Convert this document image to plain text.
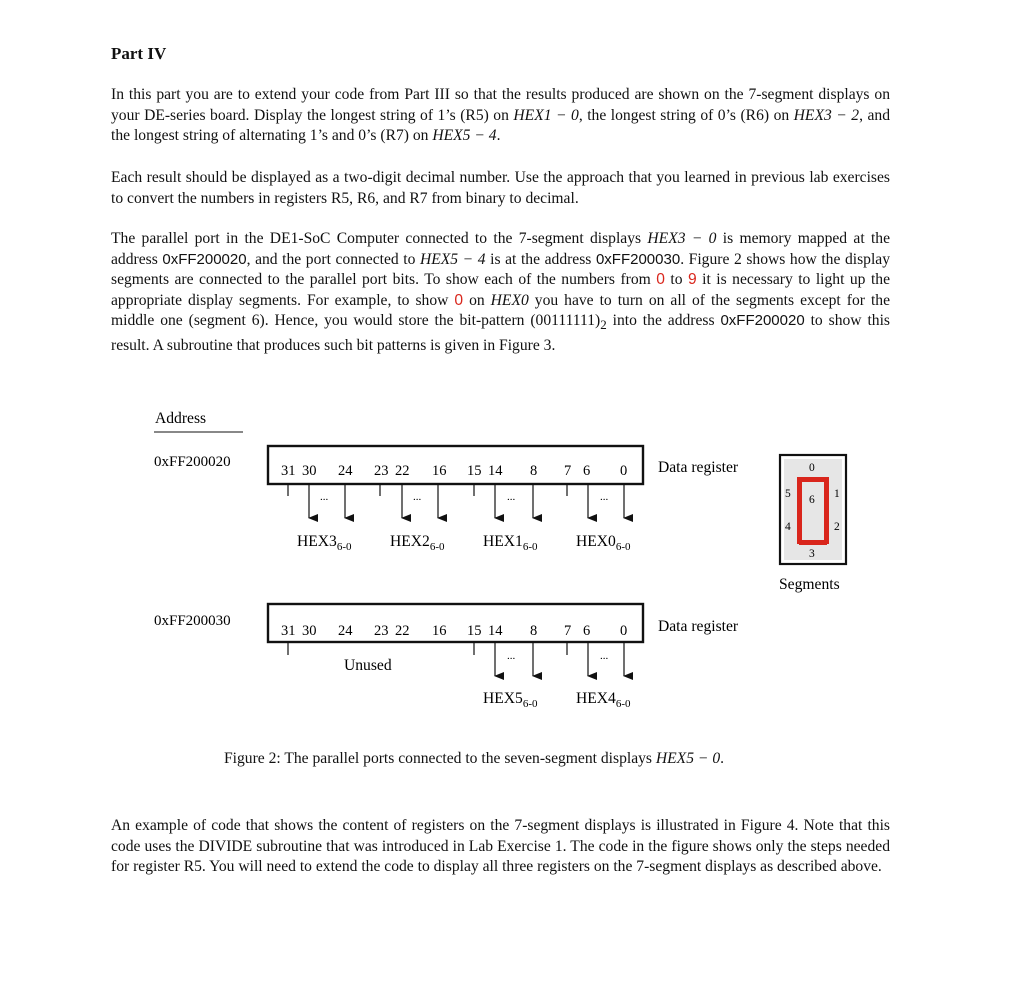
Part IV
In this part you are to extend your code from Part III so that the results produced are shown on the 7-segment displays on your DE-series board. Display the longest string of 1’s (R5) on HEX1 − 0, the longest string of 0’s (R6) on HEX3 − 2, and the longest string of alternating 1’s and 0’s (R7) on HEX5 − 4.
Each result should be displayed as a two-digit decimal number. Use the approach that you learned in previous lab exercises to convert the numbers in registers R5, R6, and R7 from binary to decimal.
The parallel port in the DE1-SoC Computer connected to the 7-segment displays HEX3 − 0 is memory mapped at the address 0xFF200020, and the port connected to HEX5 − 4 is at the address 0xFF200030. Figure 2 shows how the display segments are connected to the parallel port bits. To show each of the numbers from 0 to 9 it is necessary to light up the appropriate display segments. For example, to show 0 on HEX0 you have to turn on all of the segments except for the middle one (segment 6). Hence, you would store the bit-pattern $(00111111)_2$ into the address 0xFF200020 to show this result. A subroutine that produces such bit patterns is given in Figure 3.
Address
0xFF200020
31 30 24 23 22 16 15 14 8 7 6 0 Data register
...	...	...	...
$HEX3_{6-0}$ $HEX2_{6-0}$ $HEX1_{6-0}$ $HEX0_{6-0}$
0
1
2
3
4
5 6
Segments
0xFF200030
31 30 24 23 22 16 15 14 8 7 6 0 Data register
...	...
Unused
$HEX5_{6-0}$ $HEX4_{6-0}$
Figure 2: The parallel ports connected to the seven-segment displays HEX5 − 0.
An example of code that shows the content of registers on the 7-segment displays is illustrated in Figure 4. Note that this code uses the DIVIDE subroutine that was introduced in Lab Exercise 1. The code in the figure shows only the steps needed for register R5. You will need to extend the code to display all three registers on the 7-segment displays as described above.
